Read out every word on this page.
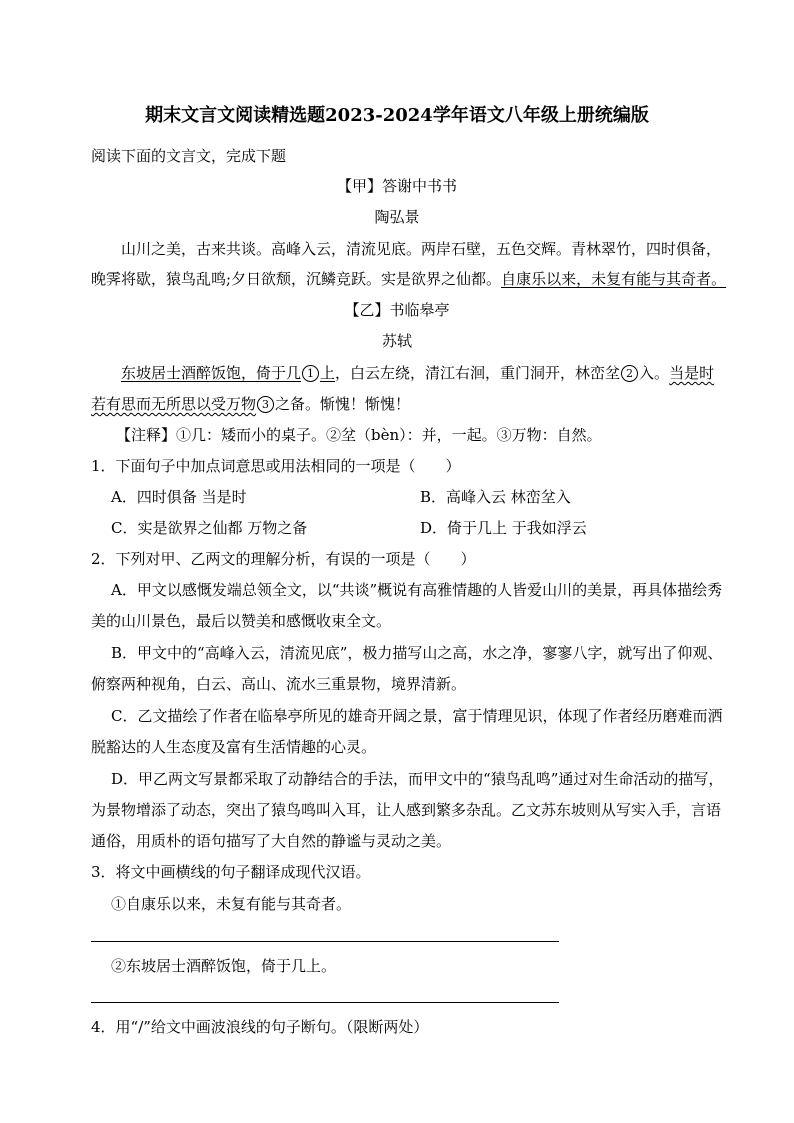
期末文言文阅读精选题2023-2024学年语文八年级上册统编版
阅读下面的文言文，完成下题
【甲】答谢中书书
陶弘景
山川之美，古来共谈。高峰入云，清流见底。两岸石壁，五色交辉。青林翠竹，四时俱备，
晚霁将歇，猿鸟乱鸣;夕日欲颓，沉鳞竞跃。实是欲界之仙都。自康乐以来，未复有能与其奇者。
【乙】书临皋亭
苏轼
东坡居士酒醉饭饱，倚于几 1 上，白云左绕，清江右洄，重门洞开，林峦坌 2 入。当是时
若有思而无所思以受万物 3 之备。惭愧！惭愧！
【注释】①几：矮而小的桌子。②坌（bèn）：并，一起。③万物：自然。
1．下面句子中加点词意思或用法相同的一项是（　　）
A．四时俱备 当是时	B．高峰入云 林峦坌入
C．实是欲界之仙都 万物之备	D．倚于几上 于我如浮云
2．下列对甲、乙两文的理解分析，有误的一项是（　　）
A．甲文以感慨发端总领全文，以“共谈”概说有高雅情趣的人皆爱山川的美景，再具体描绘秀
美的山川景色，最后以赞美和感慨收束全文。
B．甲文中的“高峰入云，清流见底”，极力描写山之高，水之净，寥寥八字，就写出了仰观、
俯察两种视角，白云、高山、流水三重景物，境界清新。
C．乙文描绘了作者在临皋亭所见的雄奇开阔之景，富于情理见识，体现了作者经历磨难而洒
脱豁达的人生态度及富有生活情趣的心灵。
D．甲乙两文写景都采取了动静结合的手法，而甲文中的“猿鸟乱鸣”通过对生命活动的描写，
为景物增添了动态，突出了猿鸟鸣叫入耳，让人感到繁多杂乱。乙文苏东坡则从写实入手，言语
通俗，用质朴的语句描写了大自然的静谧与灵动之美。
3．将文中画横线的句子翻译成现代汉语。
①自康乐以来，未复有能与其奇者。
②东坡居士酒醉饭饱，倚于几上。
4．用“/”给文中画波浪线的句子断句。（限断两处）
